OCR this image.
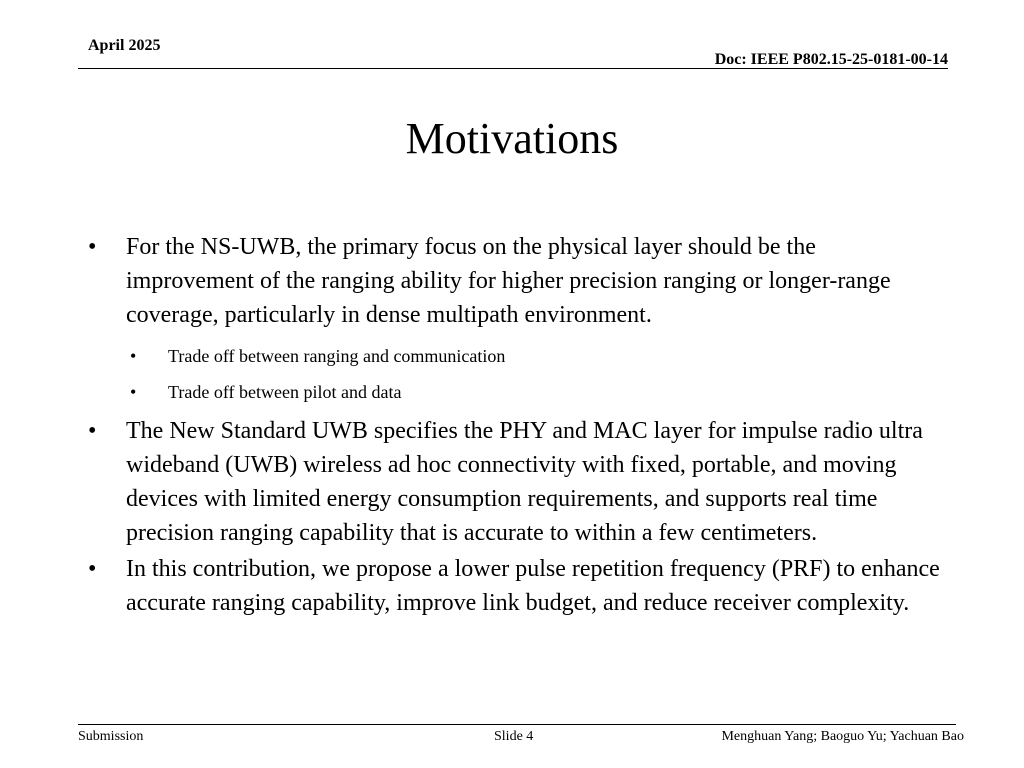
April 2025
Doc: IEEE P802.15-25-0181-00-14
Motivations
• For the NS-UWB, the primary focus on the physical layer should be the improvement of the ranging ability for higher precision ranging or longer-range coverage, particularly in dense multipath environment.
• Trade off between ranging and communication
• Trade off between pilot and data
• The New Standard UWB specifies the PHY and MAC layer for impulse radio ultra wideband (UWB) wireless ad hoc connectivity with fixed, portable, and moving devices with limited energy consumption requirements, and supports real time precision ranging capability that is accurate to within a few centimeters.
• In this contribution, we propose a lower pulse repetition frequency (PRF) to enhance accurate ranging capability, improve link budget, and reduce receiver complexity.
Submission	Slide 4	Menghuan Yang; Baoguo Yu; Yachuan Bao
